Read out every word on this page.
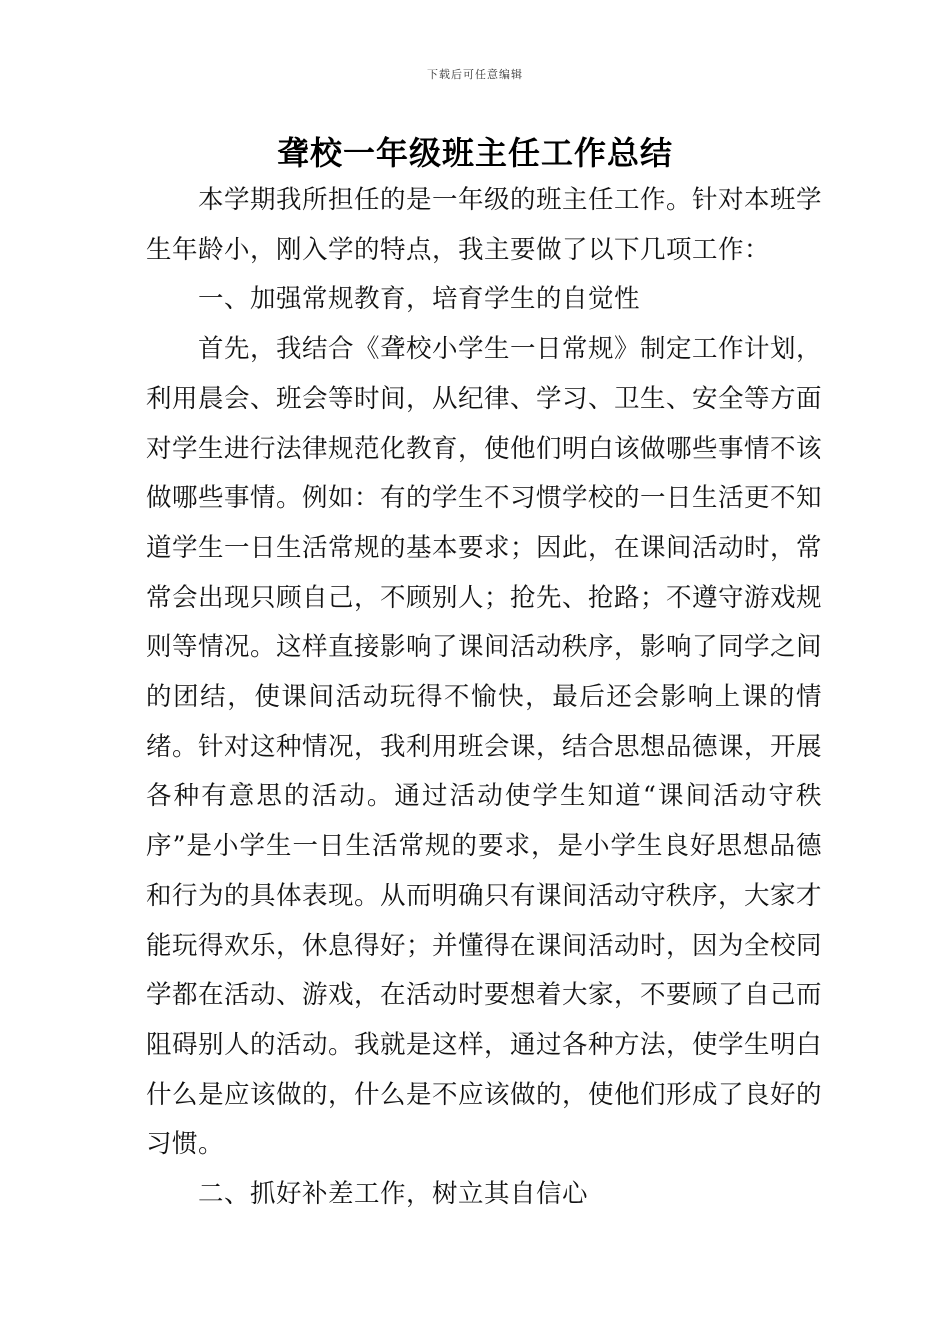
下载后可任意编辑
聋校一年级班主任工作总结

本学期我所担任的是一年级的班主任工作。针对本班学生年龄小，刚入学的特点，我主要做了以下几项工作：

一、加强常规教育，培育学生的自觉性

首先，我结合《聋校小学生一日常规》制定工作计划，利用晨会、班会等时间，从纪律、学习、卫生、安全等方面对学生进行法律规范化教育，使他们明白该做哪些事情不该做哪些事情。例如：有的学生不习惯学校的一日生活更不知道学生一日生活常规的基本要求；因此，在课间活动时，常常会出现只顾自己，不顾别人；抢先、抢路；不遵守游戏规则等情况。这样直接影响了课间活动秩序，影响了同学之间的团结，使课间活动玩得不愉快，最后还会影响上课的情绪。针对这种情况，我利用班会课，结合思想品德课，开展各种有意思的活动。通过活动使学生知道“课间活动守秩序”是小学生一日生活常规的要求，是小学生良好思想品德和行为的具体表现。从而明确只有课间活动守秩序，大家才能玩得欢乐，休息得好；并懂得在课间活动时，因为全校同学都在活动、游戏，在活动时要想着大家，不要顾了自己而阻碍别人的活动。我就是这样，通过各种方法，使学生明白什么是应该做的，什么是不应该做的，使他们形成了良好的习惯。

二、抓好补差工作，树立其自信心
